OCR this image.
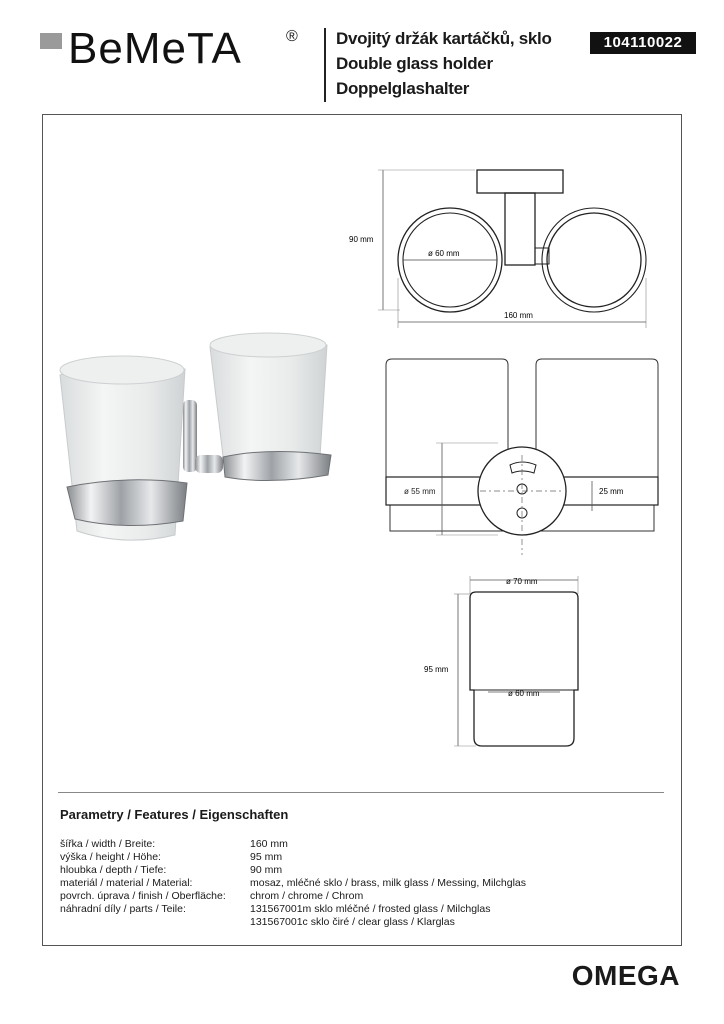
BeMeTA	® Dvojitý držák kartáčků, sklo
Double glass holder
Doppelglashalter
104110022
90 mm
ø 60 mm
160 mm
ø 55 mm	25 mm
ø 70 mm
ø 60 mm
95 mm
Parametry / Features / Eigenschaften
šířka / width / Breite:	160 mm
výška / height / Höhe:	95 mm
hloubka / depth / Tiefe:	90 mm
materiál / material / Material:	mosaz, mléčné sklo / brass, milk glass / Messing, Milchglas
povrch. úprava / finish / Oberfläche: chrom / chrome / Chrom
náhradní díly / parts / Teile:	131567001m sklo mléčné / frosted glass / Milchglas
131567001c sklo čiré / clear glass / Klarglas
OMEGA
